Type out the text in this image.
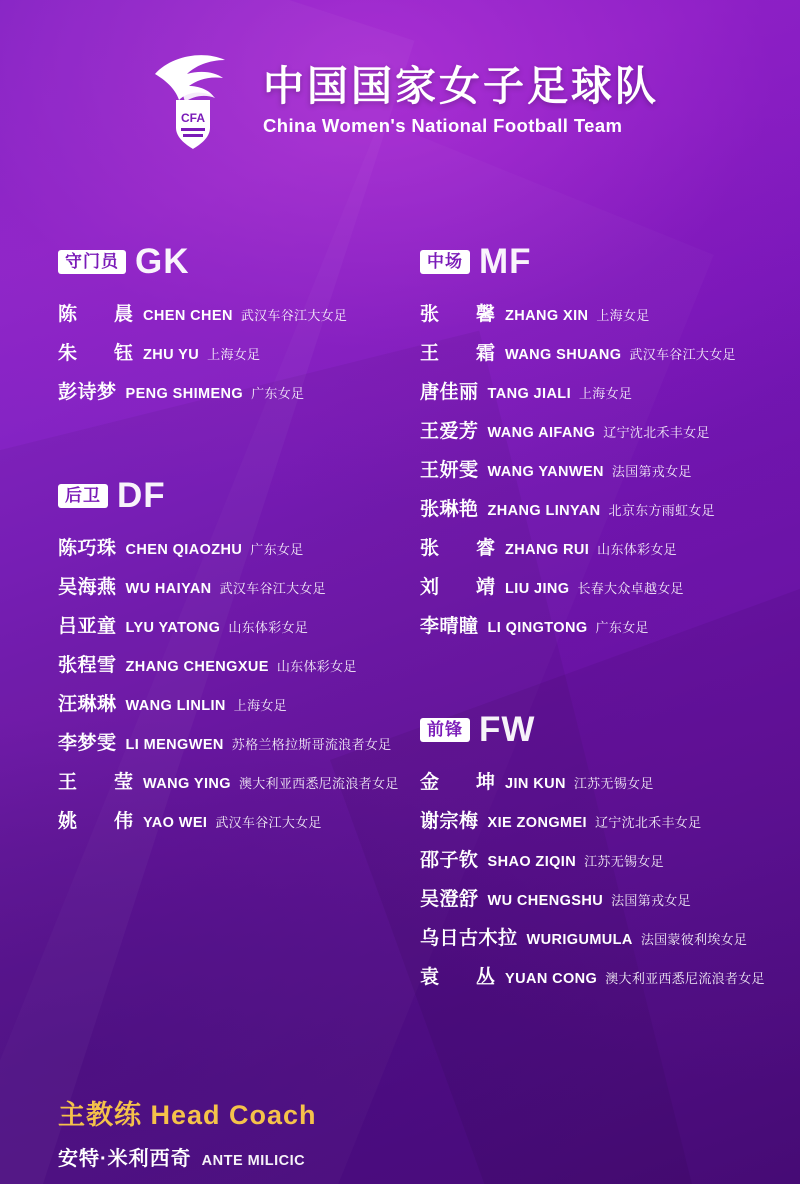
CFA
中国国家女子足球队
China Women's National Football Team
守门员 GK
陈　晨 CHEN CHEN 武汉车谷江大女足
朱　钰 ZHU YU 上海女足
彭诗梦 PENG SHIMENG 广东女足
后卫 DF
陈巧珠 CHEN QIAOZHU 广东女足
吴海燕 WU HAIYAN 武汉车谷江大女足
吕亚童 LYU YATONG 山东体彩女足
张程雪 ZHANG CHENGXUE 山东体彩女足
汪琳琳 WANG LINLIN 上海女足
李梦雯 LI MENGWEN 苏格兰格拉斯哥流浪者女足
王　莹 WANG YING 澳大利亚西悉尼流浪者女足
姚　伟 YAO WEI 武汉车谷江大女足
中场 MF
张　馨 ZHANG XIN 上海女足
王　霜 WANG SHUANG 武汉车谷江大女足
唐佳丽 TANG JIALI 上海女足
王爱芳 WANG AIFANG 辽宁沈北禾丰女足
王妍雯 WANG YANWEN 法国第戎女足
张琳艳 ZHANG LINYAN 北京东方雨虹女足
张　睿 ZHANG RUI 山东体彩女足
刘　靖 LIU JING 长春大众卓越女足
李晴瞳 LI QINGTONG 广东女足
前锋 FW
金　坤 JIN KUN 江苏无锡女足
谢宗梅 XIE ZONGMEI 辽宁沈北禾丰女足
邵子钦 SHAO ZIQIN 江苏无锡女足
吴澄舒 WU CHENGSHU 法国第戎女足
乌日古木拉 WURIGUMULA 法国蒙彼利埃女足
袁　丛 YUAN CONG 澳大利亚西悉尼流浪者女足
主教练 Head Coach
安特·米利西奇 ANTE MILICIC
